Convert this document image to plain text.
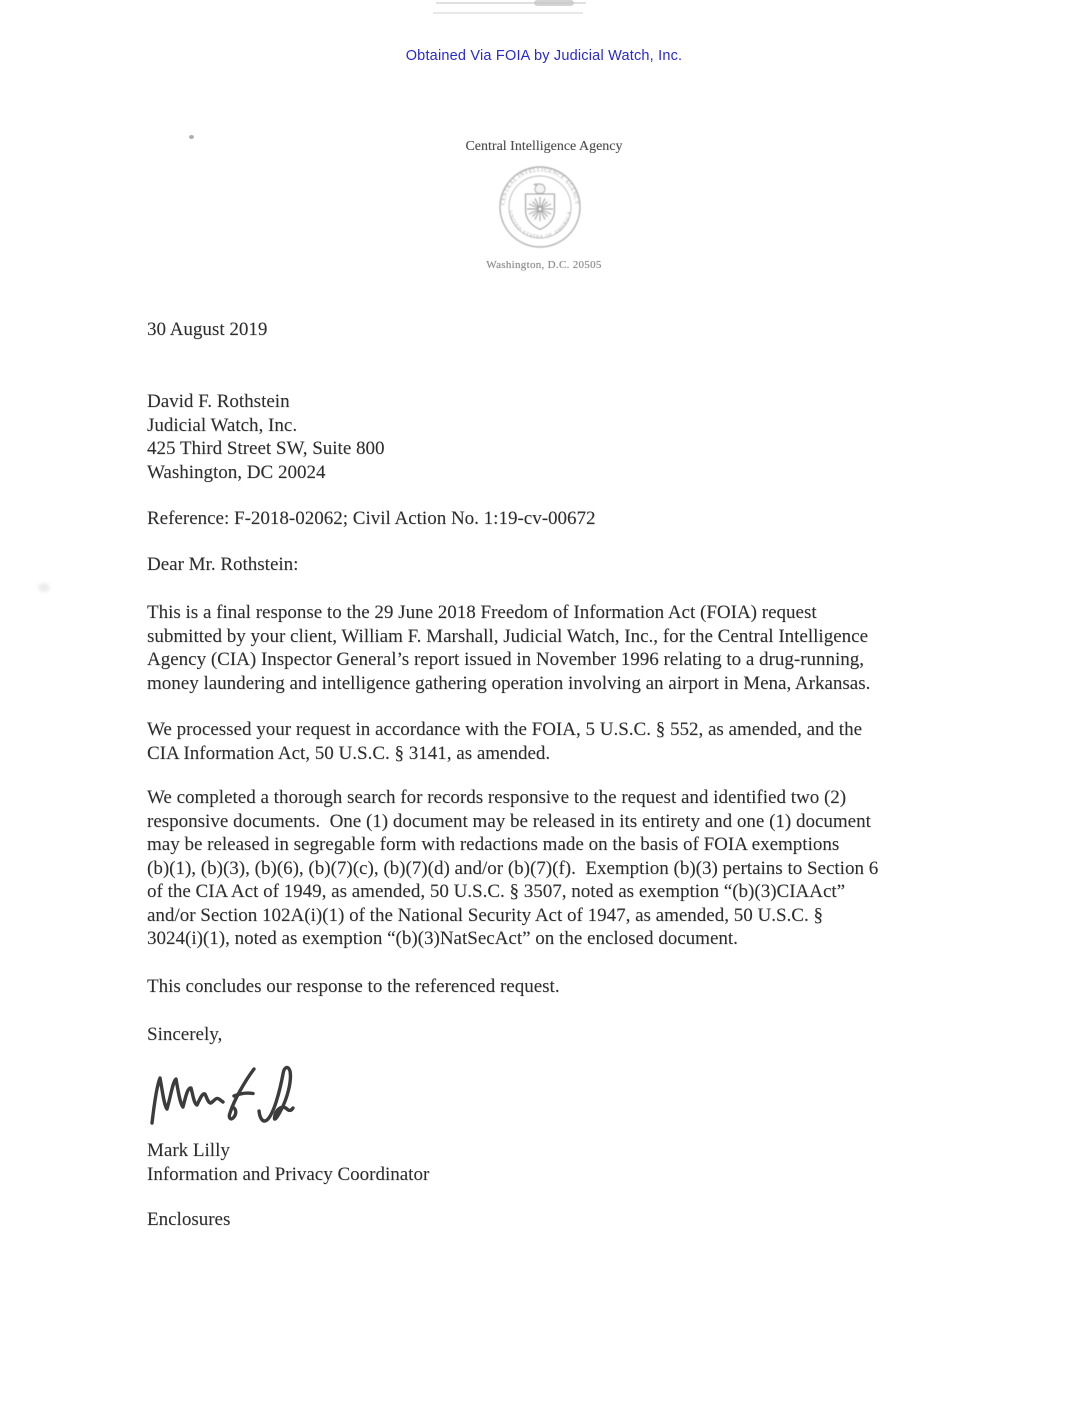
Obtained Via FOIA by Judicial Watch, Inc.
Central Intelligence Agency
CENTRAL INTELLIGENCE AGENCY
UNITED STATES OF AMERICA
Washington, D.C. 20505
30 August 2019
David F. Rothstein
Judicial Watch, Inc.
425 Third Street SW, Suite 800
Washington, DC 20024
Reference: F-2018-02062; Civil Action No. 1:19-cv-00672
Dear Mr. Rothstein:
This is a final response to the 29 June 2018 Freedom of Information Act (FOIA) request
submitted by your client, William F. Marshall, Judicial Watch, Inc., for the Central Intelligence
Agency (CIA) Inspector General’s report issued in November 1996 relating to a drug-running,
money laundering and intelligence gathering operation involving an airport in Mena, Arkansas.
We processed your request in accordance with the FOIA, 5 U.S.C. § 552, as amended, and the
CIA Information Act, 50 U.S.C. § 3141, as amended.
We completed a thorough search for records responsive to the request and identified two (2)
responsive documents.  One (1) document may be released in its entirety and one (1) document
may be released in segregable form with redactions made on the basis of FOIA exemptions
(b)(1), (b)(3), (b)(6), (b)(7)(c), (b)(7)(d) and/or (b)(7)(f).  Exemption (b)(3) pertains to Section 6
of the CIA Act of 1949, as amended, 50 U.S.C. § 3507, noted as exemption “(b)(3)CIAAct”
and/or Section 102A(i)(1) of the National Security Act of 1947, as amended, 50 U.S.C. §
3024(i)(1), noted as exemption “(b)(3)NatSecAct” on the enclosed document.
This concludes our response to the referenced request.
Sincerely,
Mark Lilly
Information and Privacy Coordinator
Enclosures
